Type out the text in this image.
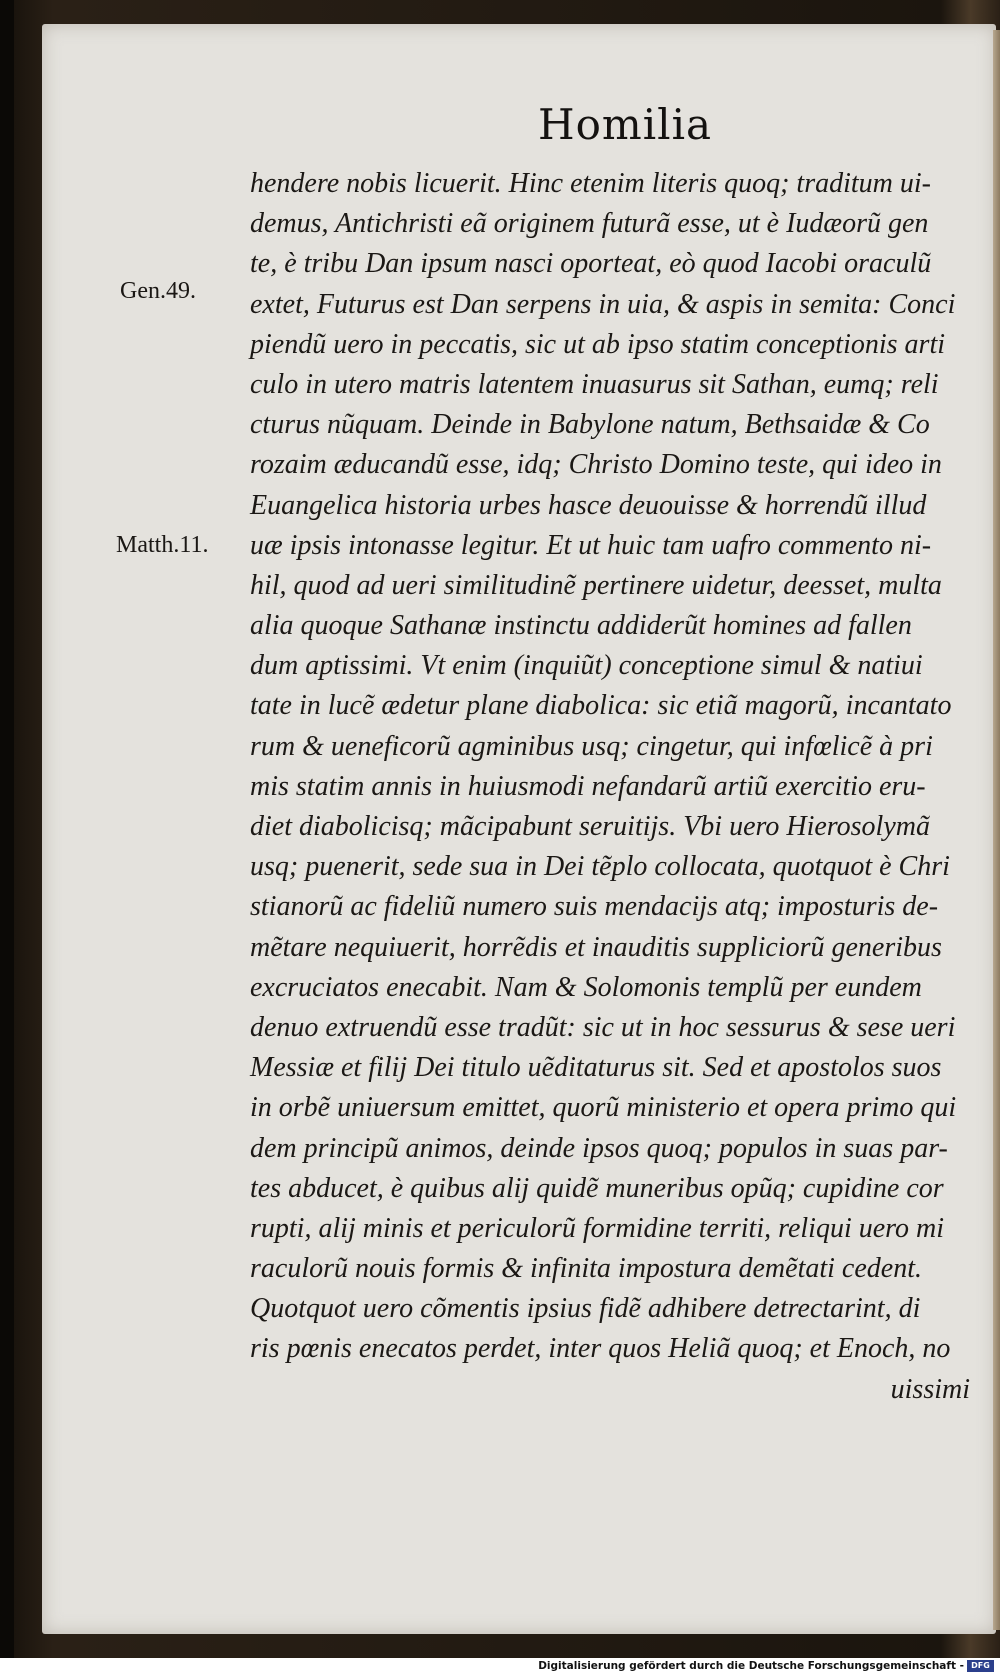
Homilia
Gen.49.
Matth.11.
hendere nobis licuerit. Hinc etenim literis quoq; traditum ui-
demus, Antichristi eã originem futurã esse, ut è Iudæorũ gen
te, è tribu Dan ipsum nasci oporteat, eò quod Iacobi oraculũ
extet, Futurus est Dan serpens in uia, & aspis in semita: Conci
piendũ uero in peccatis, sic ut ab ipso statim conceptionis arti
culo in utero matris latentem inuasurus sit Sathan, eumq; reli
cturus nũquam. Deinde in Babylone natum, Bethsaidæ & Co
rozaim æducandũ esse, idq; Christo Domino teste, qui ideo in
Euangelica historia urbes hasce deuouisse & horrendũ illud
uæ ipsis intonasse legitur. Et ut huic tam uafro commento ni-
hil, quod ad ueri similitudinẽ pertinere uidetur, deesset, multa
alia quoque Sathanæ instinctu addiderũt homines ad fallen
dum aptissimi. Vt enim (inquiũt) conceptione simul & natiui
tate in lucẽ ædetur plane diabolica: sic etiã magorũ, incantato
rum & ueneficorũ agminibus usq; cingetur, qui infœlicẽ à pri
mis statim annis in huiusmodi nefandarũ artiũ exercitio eru-
diet diabolicisq; mãcipabunt seruitijs. Vbi uero Hierosolymã
usq; puenerit, sede sua in Dei tẽplo collocata, quotquot è Chri
stianorũ ac fideliũ numero suis mendacijs atq; imposturis de-
mẽtare nequiuerit, horrẽdis et inauditis suppliciorũ generibus
excruciatos enecabit. Nam & Solomonis templũ per eundem
denuo extruendũ esse tradũt: sic ut in hoc sessurus & sese ueri
Messiæ et filij Dei titulo uẽditaturus sit. Sed et apostolos suos
in orbẽ uniuersum emittet, quorũ ministerio et opera primo qui
dem principũ animos, deinde ipsos quoq; populos in suas par-
tes abducet, è quibus alij quidẽ muneribus opũq; cupidine cor
rupti, alij minis et periculorũ formidine territi, reliqui uero mi
raculorũ nouis formis & infinita impostura demẽtati cedent.
Quotquot uero cõmentis ipsius fidẽ adhibere detrectarint, di
ris pœnis enecatos perdet, inter quos Heliã quoq; et Enoch, no
uissimi
Digitalisierung gefördert durch die Deutsche Forschungsgemeinschaft - DFG
